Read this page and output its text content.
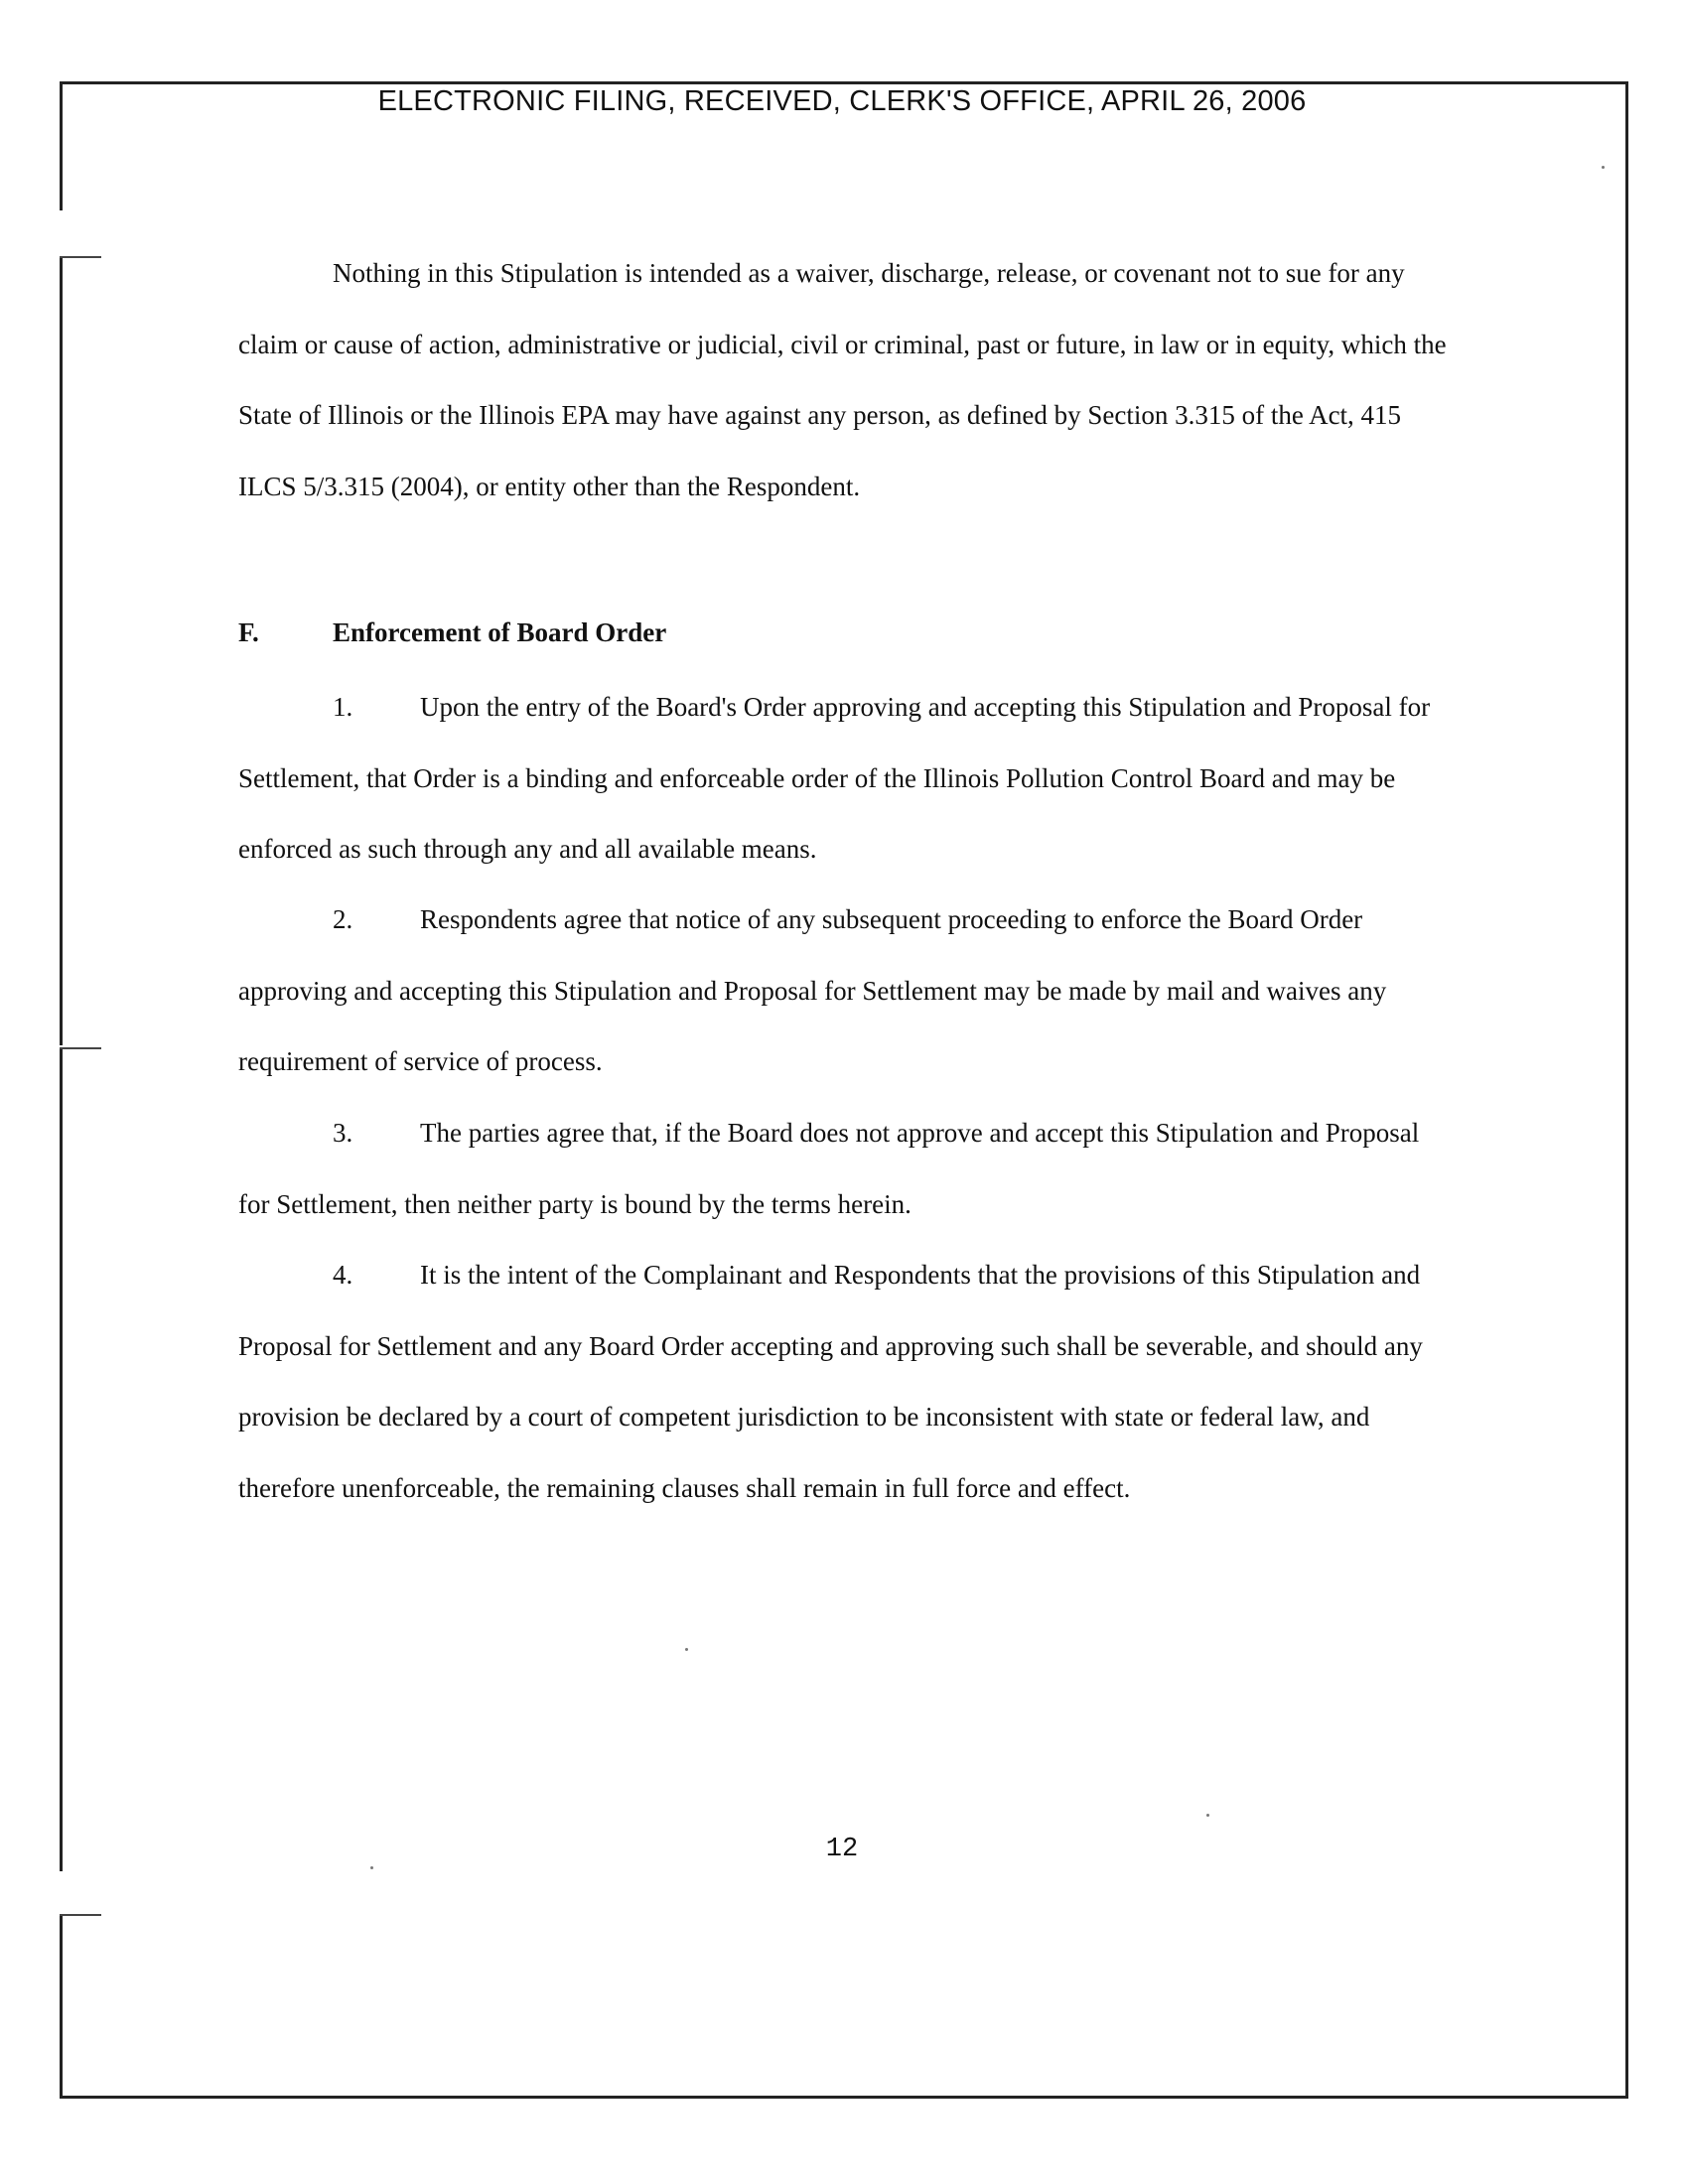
ELECTRONIC FILING, RECEIVED, CLERK'S OFFICE, APRIL 26, 2006

Nothing in this Stipulation is intended as a waiver, discharge, release, or covenant not to sue for any claim or cause of action, administrative or judicial, civil or criminal, past or future, in law or in equity, which the State of Illinois or the Illinois EPA may have against any person, as defined by Section 3.315 of the Act, 415 ILCS 5/3.315 (2004), or entity other than the Respondent.

F.	Enforcement of Board Order

1.	Upon the entry of the Board's Order approving and accepting this Stipulation and Proposal for Settlement, that Order is a binding and enforceable order of the Illinois Pollution Control Board and may be enforced as such through any and all available means.

2.	Respondents agree that notice of any subsequent proceeding to enforce the Board Order approving and accepting this Stipulation and Proposal for Settlement may be made by mail and waives any requirement of service of process.

3.	The parties agree that, if the Board does not approve and accept this Stipulation and Proposal for Settlement, then neither party is bound by the terms herein.

4.	It is the intent of the Complainant and Respondents that the provisions of this Stipulation and Proposal for Settlement and any Board Order accepting and approving such shall be severable, and should any provision be declared by a court of competent jurisdiction to be inconsistent with state or federal law, and therefore unenforceable, the remaining clauses shall remain in full force and effect.

12
